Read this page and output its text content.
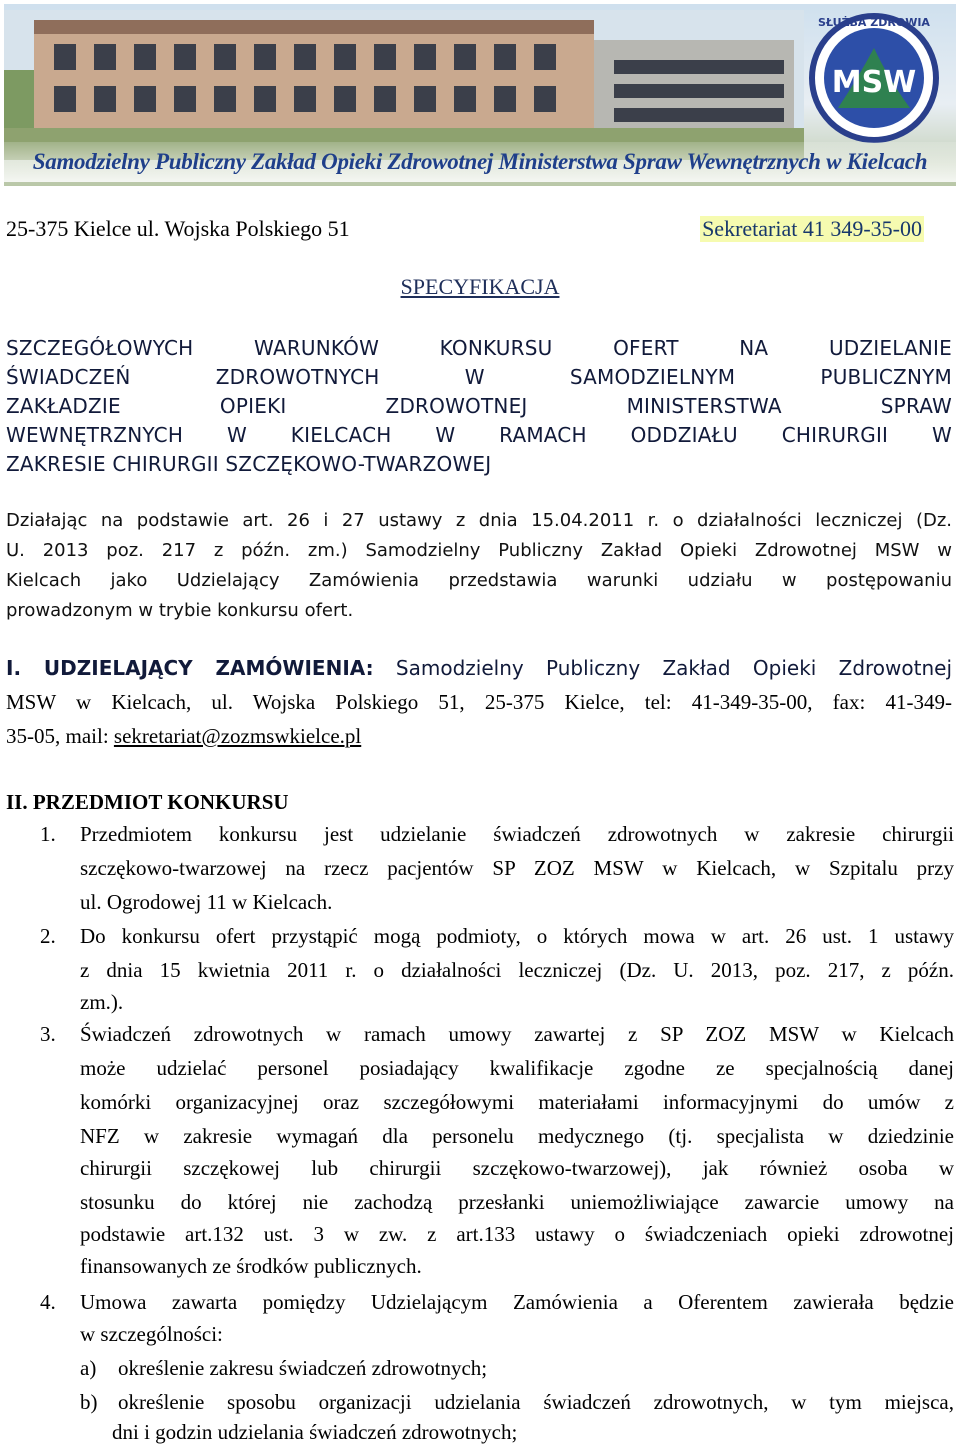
SŁUŻBA ZDROWIA
MSW
Samodzielny Publiczny Zakład Opieki Zdrowotnej Ministerstwa Spraw Wewnętrznych w Kielcach
25-375 Kielce ul. Wojska Polskiego 51	Sekretariat 41 349-35-00
SPECYFIKACJA
SZCZEGÓŁOWYCH WARUNKÓW KONKURSU OFERT NA UDZIELANIE
ŚWIADCZEŃ ZDROWOTNYCH W SAMODZIELNYM PUBLICZNYM
ZAKŁADZIE OPIEKI ZDROWOTNEJ MINISTERSTWA SPRAW
WEWNĘTRZNYCH W KIELCACH W RAMACH ODDZIAŁU CHIRURGII W
ZAKRESIE CHIRURGII SZCZĘKOWO-TWARZOWEJ
Działając na podstawie art. 26 i 27 ustawy z dnia 15.04.2011 r. o działalności leczniczej (Dz.
U. 2013 poz. 217 z późn. zm.) Samodzielny Publiczny Zakład Opieki Zdrowotnej MSW w
Kielcach jako Udzielający Zamówienia przedstawia warunki udziału w postępowaniu
prowadzonym w trybie konkursu ofert.
I. UDZIELAJĄCY ZAMÓWIENIA: Samodzielny Publiczny Zakład Opieki Zdrowotnej
MSW w Kielcach, ul. Wojska Polskiego 51, 25-375 Kielce, tel: 41-349-35-00, fax: 41-349-
35-05, mail: sekretariat@zozmswkielce.pl
II. PRZEDMIOT KONKURSU
1. Przedmiotem konkursu jest udzielanie świadczeń zdrowotnych w zakresie chirurgii
szczękowo-twarzowej na rzecz pacjentów SP ZOZ MSW w Kielcach, w Szpitalu przy
ul. Ogrodowej 11 w Kielcach.
2. Do konkursu ofert przystąpić mogą podmioty, o których mowa w art. 26 ust. 1 ustawy
z dnia 15 kwietnia 2011 r. o działalności leczniczej (Dz. U. 2013, poz. 217, z późn.
zm.).
3. Świadczeń zdrowotnych w ramach umowy zawartej z SP ZOZ MSW w Kielcach
może udzielać personel posiadający kwalifikacje zgodne ze specjalnością danej
komórki organizacyjnej oraz szczegółowymi materiałami informacyjnymi do umów z
NFZ w zakresie wymagań dla personelu medycznego (tj. specjalista w dziedzinie
chirurgii szczękowej lub chirurgii szczękowo-twarzowej), jak również osoba w
stosunku do której nie zachodzą przesłanki uniemożliwiające zawarcie umowy na
podstawie art.132 ust. 3 w zw. z art.133 ustawy o świadczeniach opieki zdrowotnej
finansowanych ze środków publicznych.
4. Umowa zawarta pomiędzy Udzielającym Zamówienia a Oferentem zawierała będzie
w szczególności:
a) określenie zakresu świadczeń zdrowotnych;
b) określenie sposobu organizacji udzielania świadczeń zdrowotnych, w tym miejsca,
dni i godzin udzielania świadczeń zdrowotnych;
